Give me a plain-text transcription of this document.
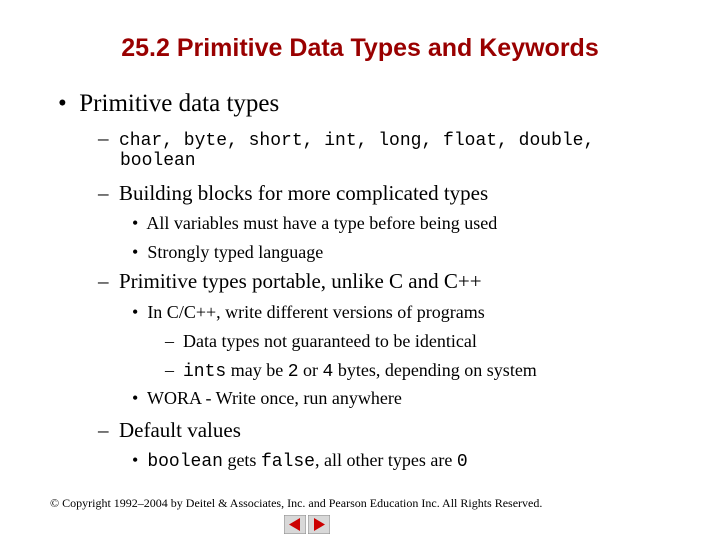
25.2 Primitive Data Types and Keywords
• Primitive data types
– char, byte, short, int, long, float, double,
boolean
– Building blocks for more complicated types
• All variables must have a type before being used
• Strongly typed language
– Primitive types portable, unlike C and C++
• In C/C++, write different versions of programs
– Data types not guaranteed to be identical
– ints may be 2 or 4 bytes, depending on system
• WORA - Write once, run anywhere
– Default values
• boolean gets false, all other types are 0
© Copyright 1992–2004 by Deitel & Associates, Inc. and Pearson Education Inc. All Rights Reserved.
